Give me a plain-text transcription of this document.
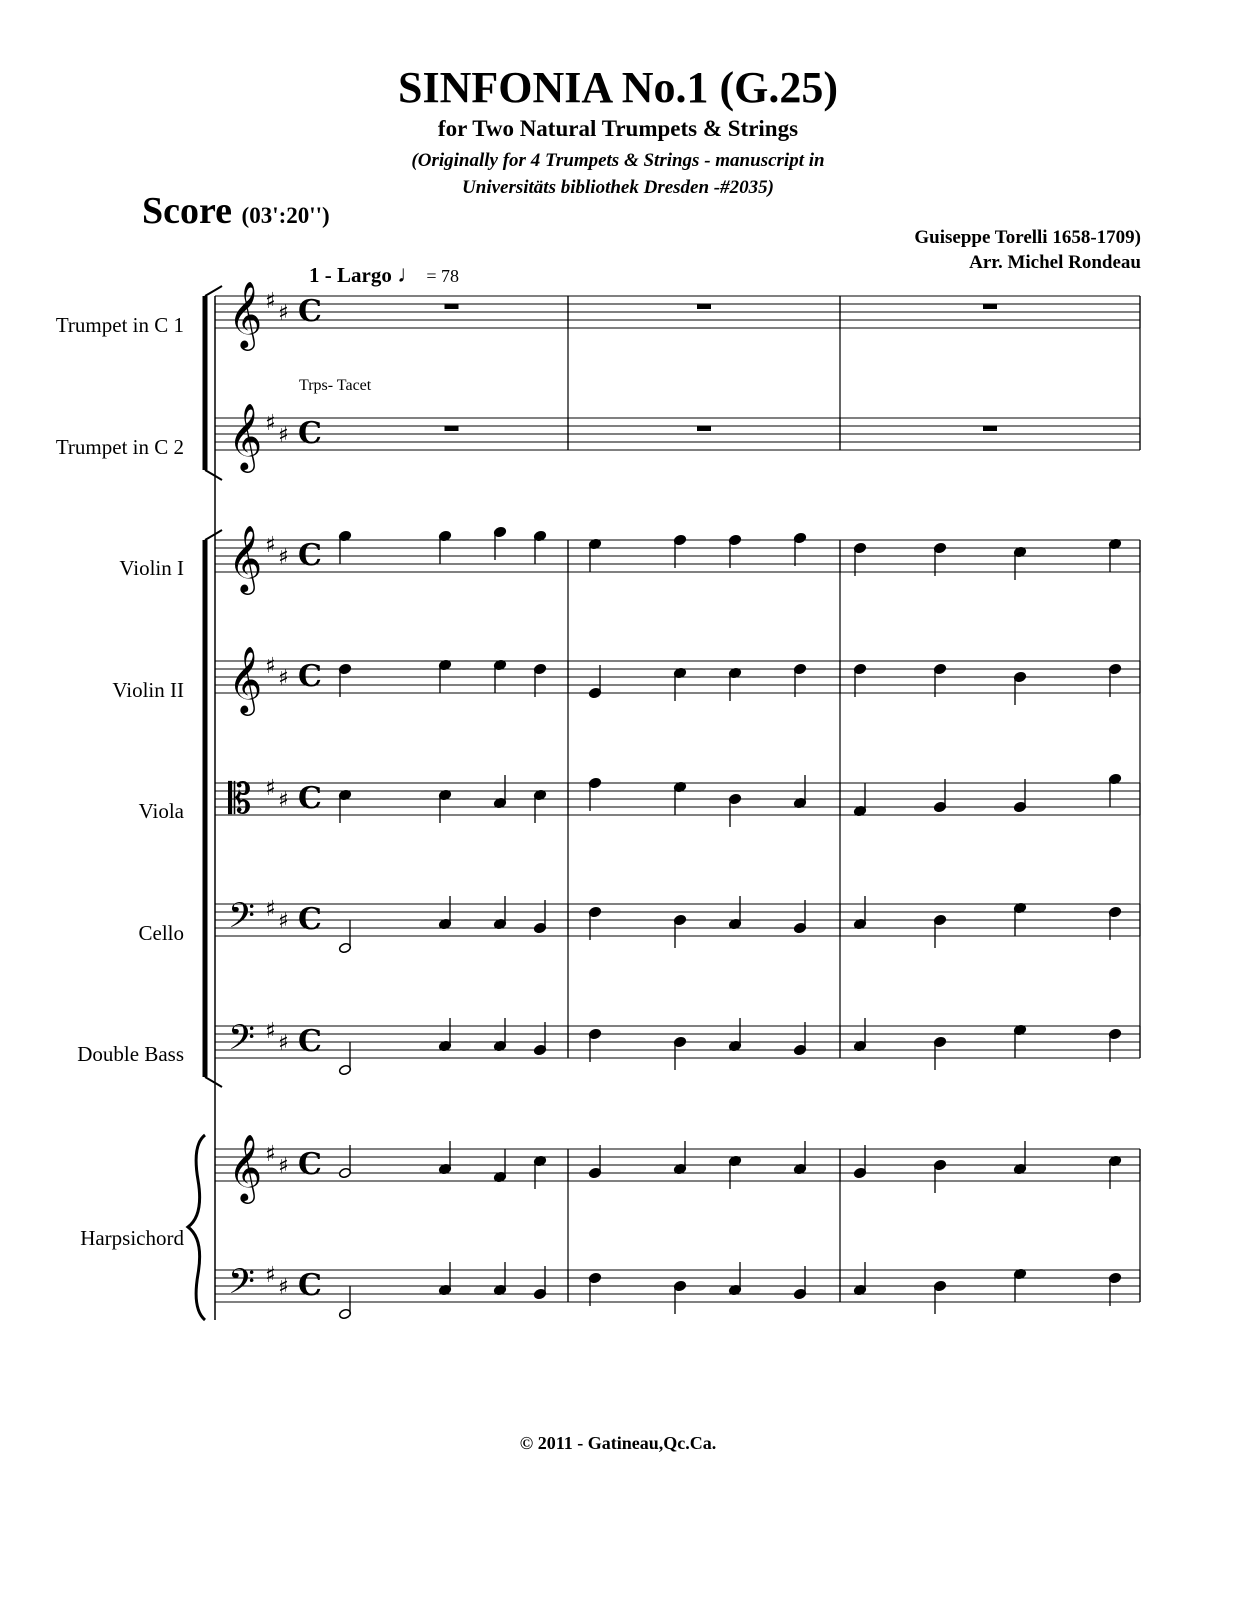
SINFONIA No.1 (G.25)
for Two Natural Trumpets & Strings
(Originally for 4 Trumpets & Strings - manuscript in
Universitäts bibliothek Dresden -#2035)
Score (03':20'')
Guiseppe Torelli 1658-1709)
Arr. Michel Rondeau
1 - Largo ♩ = 78
Trps- Tacet
Trumpet in C 1
Trumpet in C 2
Violin I
Violin II
Viola
Cello
Double Bass
Harpsichord
𝄞 ♯ ♯ C
𝄞 ♯ ♯ C
𝄞 ♯ ♯ C
𝄞 ♯ ♯ C
𝄡 ♯ ♯ C
𝄢 ♯ ♯ C
𝄢 ♯ ♯ C
𝄞 ♯ ♯ C
𝄢 ♯ ♯ C
© 2011 - Gatineau,Qc.Ca.
